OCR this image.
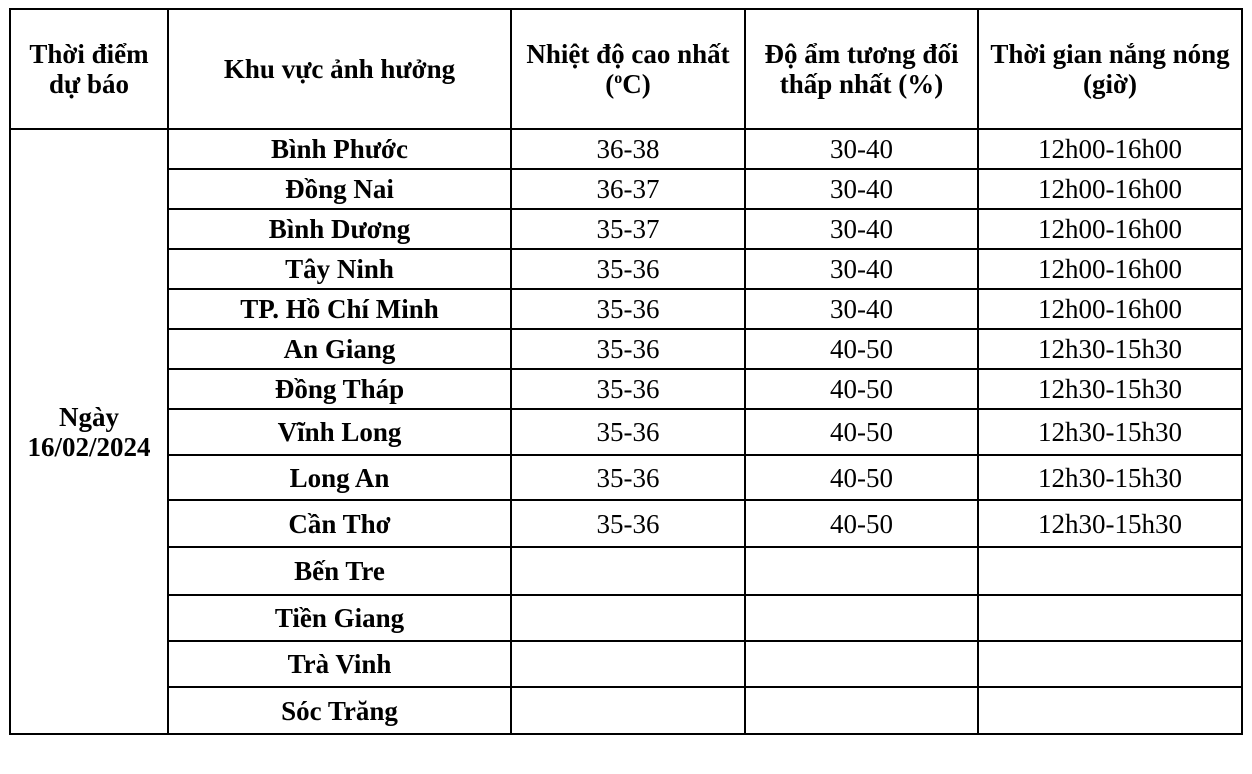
Thời điểm dự báo	Khu vực ảnh hưởng	Nhiệt độ cao nhất ($^o$C)	Độ ẩm tương đối thấp nhất (%)	Thời gian nắng nóng (giờ)
Ngày 16/02/2024	Bình Phước	36-38	30-40	12h00-16h00
	Đồng Nai	36-37	30-40	12h00-16h00
	Bình Dương	35-37	30-40	12h00-16h00
	Tây Ninh	35-36	30-40	12h00-16h00
	TP. Hồ Chí Minh	35-36	30-40	12h00-16h00
	An Giang	35-36	40-50	12h30-15h30
	Đồng Tháp	35-36	40-50	12h30-15h30
	Vĩnh Long	35-36	40-50	12h30-15h30
	Long An	35-36	40-50	12h30-15h30
	Cần Thơ	35-36	40-50	12h30-15h30
	Bến Tre			
	Tiền Giang			
	Trà Vinh			
	Sóc Trăng			
